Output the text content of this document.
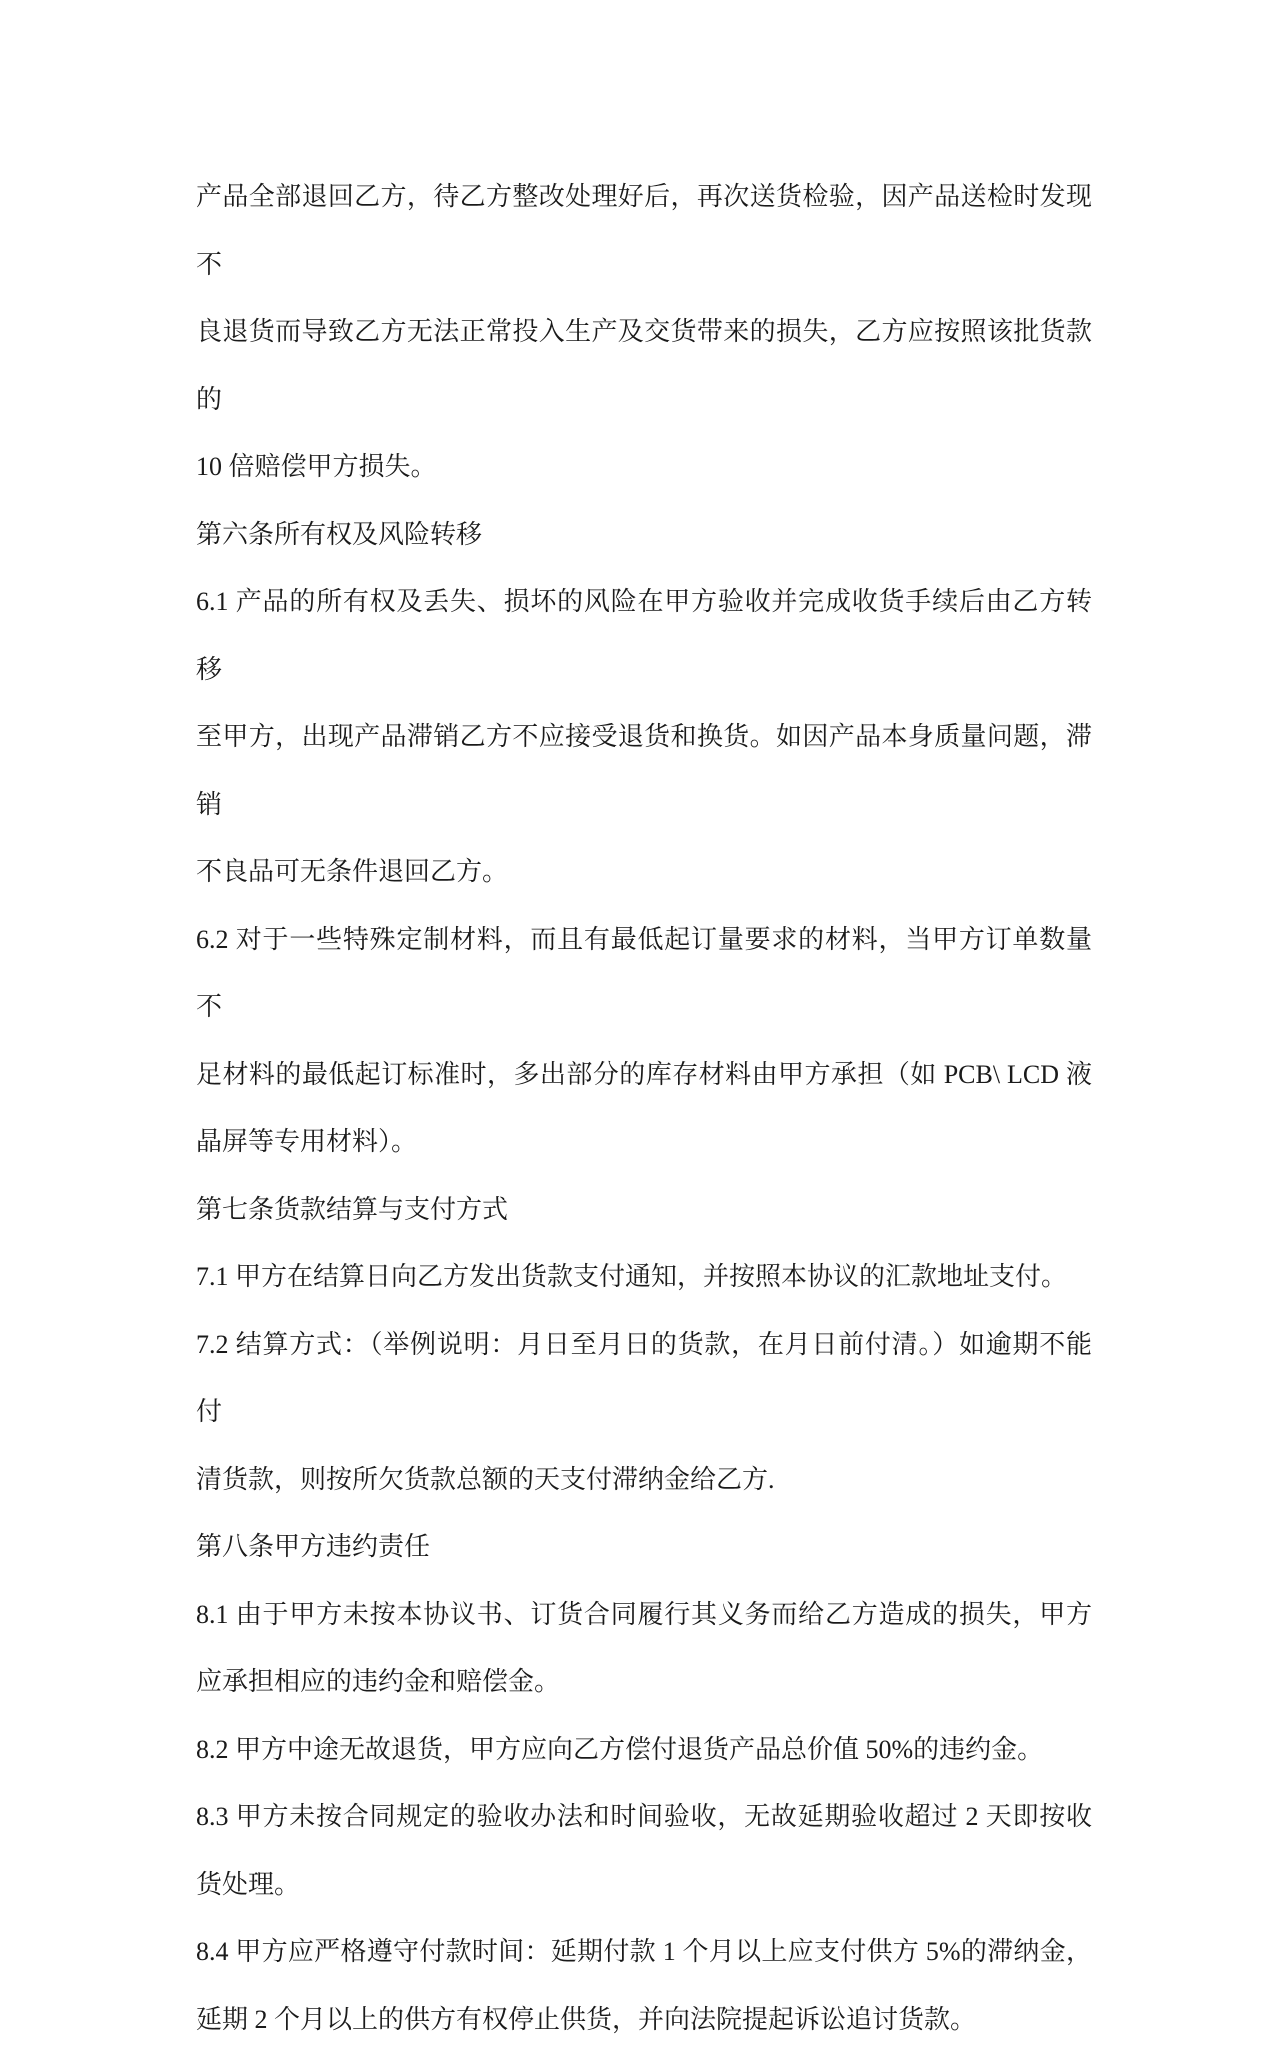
产品全部退回乙方，待乙方整改处理好后，再次送货检验，因产品送检时发现不
良退货而导致乙方无法正常投入生产及交货带来的损失，乙方应按照该批货款的
10 倍赔偿甲方损失。

第六条所有权及风险转移

6.1 产品的所有权及丢失、损坏的风险在甲方验收并完成收货手续后由乙方转移
至甲方，出现产品滞销乙方不应接受退货和换货。如因产品本身质量问题，滞销
不良品可无条件退回乙方。

6.2 对于一些特殊定制材料，而且有最低起订量要求的材料，当甲方订单数量不
足材料的最低起订标准时，多出部分的库存材料由甲方承担（如 PCB\ LCD 液
晶屏等专用材料）。

第七条货款结算与支付方式

7.1 甲方在结算日向乙方发出货款支付通知，并按照本协议的汇款地址支付。

7.2 结算方式：（举例说明：月日至月日的货款，在月日前付清。）如逾期不能付
清货款，则按所欠货款总额的天支付滞纳金给乙方.

第八条甲方违约责任

8.1 由于甲方未按本协议书、订货合同履行其义务而给乙方造成的损失，甲方
应承担相应的违约金和赔偿金。

8.2 甲方中途无故退货，甲方应向乙方偿付退货产品总价值 50%的违约金。

8.3 甲方未按合同规定的验收办法和时间验收，无故延期验收超过 2 天即按收
货处理。

8.4 甲方应严格遵守付款时间：延期付款 1 个月以上应支付供方 5%的滞纳金，
延期 2 个月以上的供方有权停止供货，并向法院提起诉讼追讨货款。
